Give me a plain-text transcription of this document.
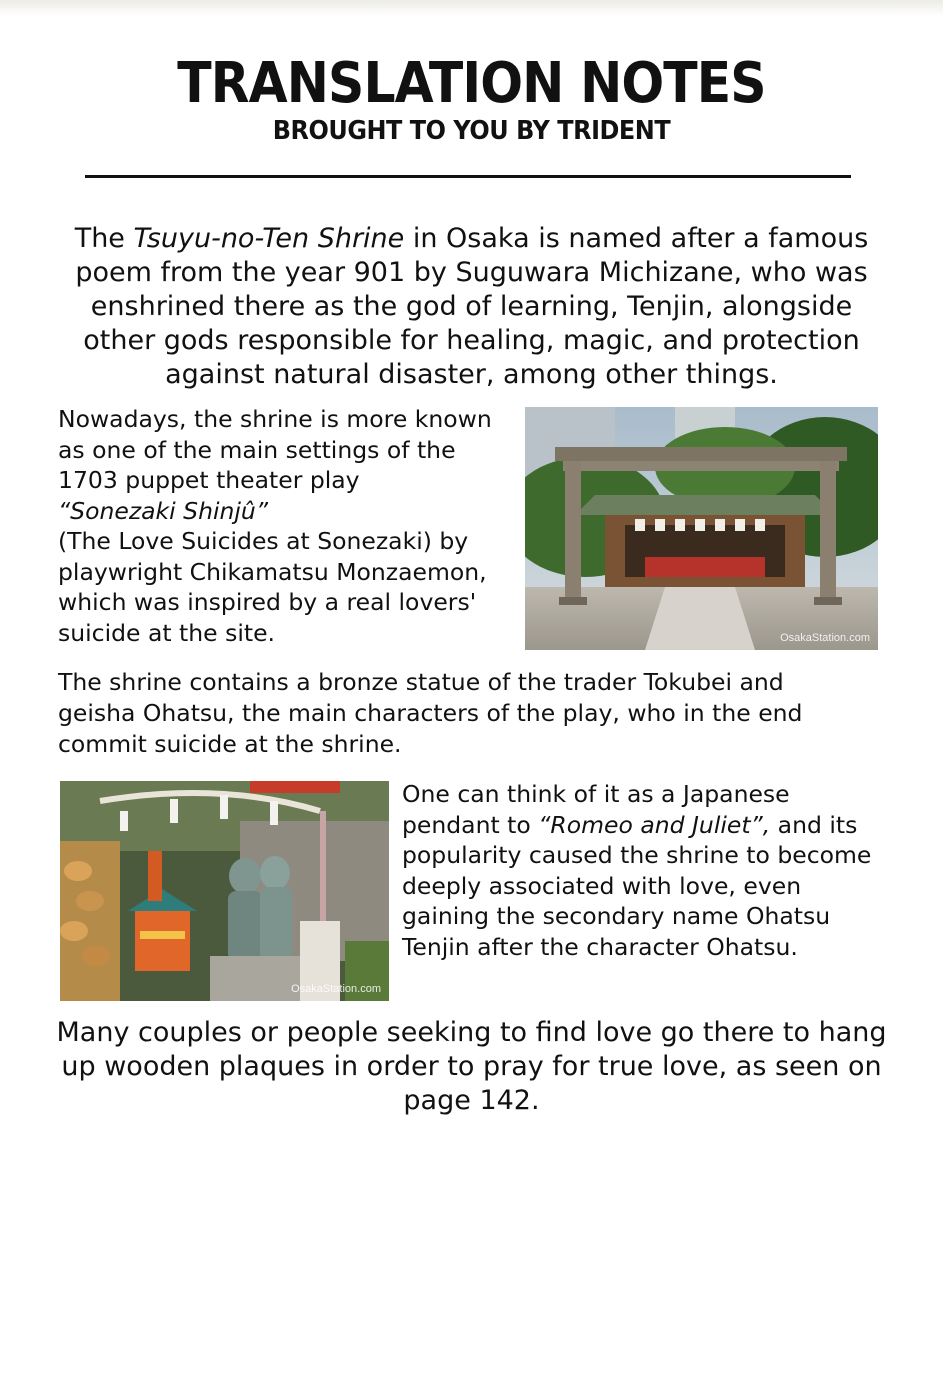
TRANSLATION NOTES
BROUGHT TO YOU BY TRIDENT

The Tsuyu-no-Ten Shrine in Osaka is named after a famous poem from the year 901 by Suguwara Michizane, who was enshrined there as the god of learning, Tenjin, alongside other gods responsible for healing, magic, and protection against natural disaster, among other things.

Nowadays, the shrine is more known as one of the main settings of the 1703 puppet theater play
“Sonezaki Shinjû”
(The Love Suicides at Sonezaki) by playwright Chikamatsu Monzaemon, which was inspired by a real lovers' suicide at the site.	OsakaStation.com

The shrine contains a bronze statue of the trader Tokubei and geisha Ohatsu, the main characters of the play, who in the end commit suicide at the shrine.

OsakaStation.com

One can think of it as a Japanese pendant to “Romeo and Juliet”, and its popularity caused the shrine to become deeply associated with love, even gaining the secondary name Ohatsu Tenjin after the character Ohatsu.

Many couples or people seeking to find love go there to hang up wooden plaques in order to pray for true love, as seen on page 142.
